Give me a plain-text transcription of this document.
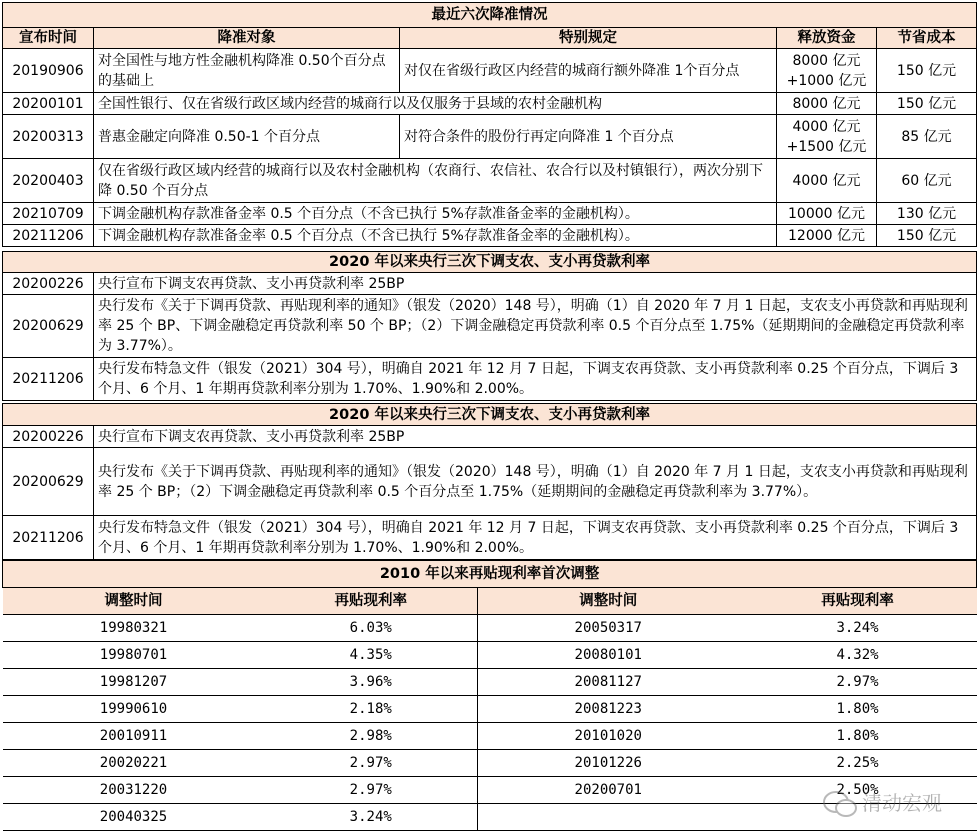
最近六次降准情况				
宣布时间	降准对象	特别规定	释放资金	节省成本
20190906	对全国性与地方性金融机构降准 0.50个百分点的基础上	对仅在省级行政区内经营的城商行额外降准 1个百分点	8000 亿元 +1000 亿元	150 亿元
20200101	全国性银行、仅在省级行政区域内经营的城商行以及仅服务于县域的农村金融机构		8000 亿元	150 亿元
20200313	普惠金融定向降准 0.50-1 个百分点	对符合条件的股份行再定向降准 1 个百分点	4000 亿元 +1500 亿元	85 亿元
20200403	仅在省级行政区域内经营的城商行以及农村金融机构（农商行、农信社、农合行以及村镇银行），两次分别下降 0.50 个百分点		4000 亿元	60 亿元
20210709	下调金融机构存款准备金率 0.5 个百分点（不含已执行 5%存款准备金率的金融机构）。		10000 亿元	130 亿元
20211206	下调金融机构存款准备金率 0.5 个百分点（不含已执行 5%存款准备金率的金融机构）。		12000 亿元	150 亿元
2020 年以来央行三次下调支农、支小再贷款利率	
20200226	央行宣布下调支农再贷款、支小再贷款利率 25BP
20200629	央行发布《关于下调再贷款、再贴现利率的通知》（银发（2020）148 号），明确（1）自 2020 年 7 月 1 日起，支农支小再贷款和再贴现利率 25 个 BP、下调金融稳定再贷款利率 50 个 BP；（2）下调金融稳定再贷款利率 0.5 个百分点至 1.75%（延期期间的金融稳定再贷款利率为 3.77%）。
20211206	央行发布特急文件（银发（2021）304 号），明确自 2021 年 12 月 7 日起，下调支农再贷款、支小再贷款利率 0.25 个百分点，下调后 3 个月、6 个月、1 年期再贷款利率分别为 1.70%、1.90%和 2.00%。
2020 年以来央行三次下调支农、支小再贷款利率	
20200226	央行宣布下调支农再贷款、支小再贷款利率 25BP
20200629	央行发布《关于下调再贷款、再贴现利率的通知》（银发（2020）148 号），明确（1）自 2020 年 7 月 1 日起，支农支小再贷款和再贴现利率 25 个 BP；（2）下调金融稳定再贷款利率 0.5 个百分点至 1.75%（延期期间的金融稳定再贷款利率为 3.77%）。
20211206	央行发布特急文件（银发（2021）304 号），明确自 2021 年 12 月 7 日起，下调支农再贷款、支小再贷款利率 0.25 个百分点，下调后 3 个月、6 个月、1 年期再贷款利率分别为 1.70%、1.90%和 2.00%。
2010 年以来再贴现利率首次调整			
调整时间	再贴现利率	调整时间	再贴现利率
19980321	6.03%	20050317	3.24%
19980701	4.35%	20080101	4.32%
19981207	3.96%	20081127	2.97%
19990610	2.18%	20081223	1.80%
20010911	2.98%	20101020	1.80%
20020221	2.97%	20101226	2.25%
20031220	2.97%	20200701	2.50%
20040325	3.24%		
清动宏观
